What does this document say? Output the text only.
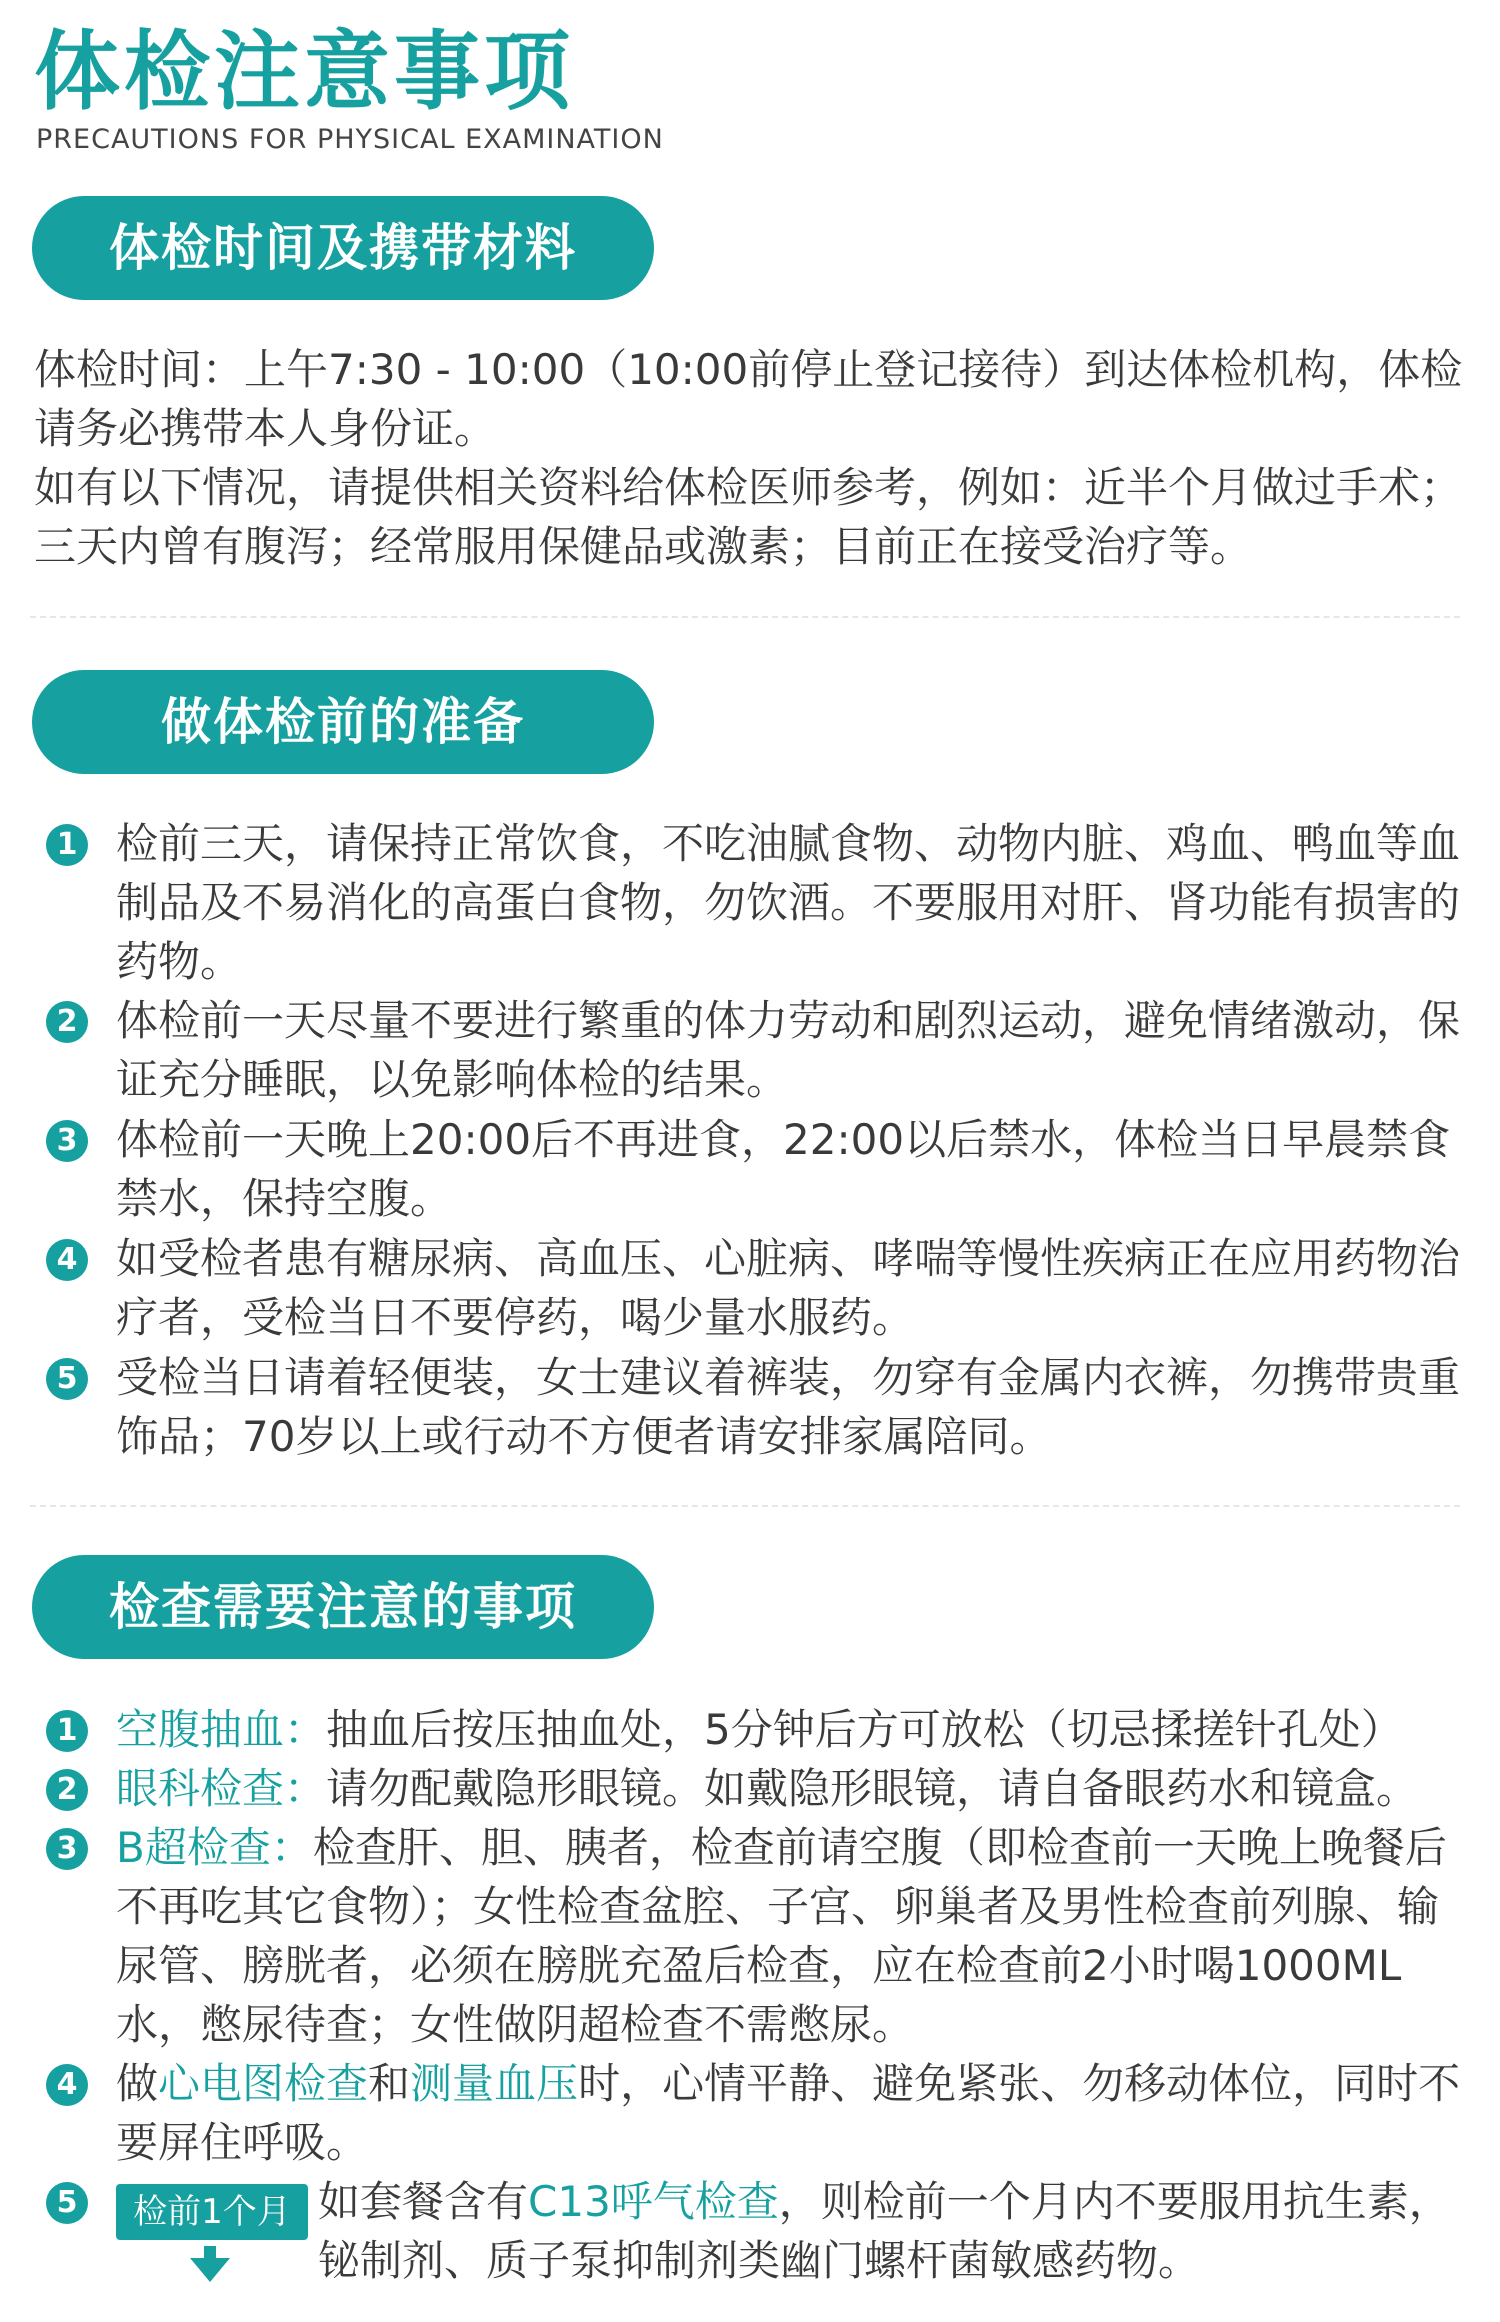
体检注意事项

PRECAUTIONS FOR PHYSICAL EXAMINATION

体检时间及携带材料

体检时间：上午7:30 - 10:00（10:00前停止登记接待）到达体检机构，体检请务必携带本人身份证。

如有以下情况，请提供相关资料给体检医师参考，例如：近半个月做过手术；三天内曾有腹泻；经常服用保健品或激素；目前正在接受治疗等。

做体检前的准备
1 检前三天，请保持正常饮食，不吃油腻食物、动物内脏、鸡血、鸭血等血制品及不易消化的高蛋白食物，勿饮酒。不要服用对肝、肾功能有损害的药物。

2 体检前一天尽量不要进行繁重的体力劳动和剧烈运动，避免情绪激动，保证充分睡眠，以免影响体检的结果。

3 体检前一天晚上20:00后不再进食，22:00以后禁水，体检当日早晨禁食禁水，保持空腹。

4 如受检者患有糖尿病、高血压、心脏病、哮喘等慢性疾病正在应用药物治疗者，受检当日不要停药，喝少量水服药。

5 受检当日请着轻便装，女士建议着裤装，勿穿有金属内衣裤，勿携带贵重饰品；70岁以上或行动不方便者请安排家属陪同。

检查需要注意的事项
1 空腹抽血：抽血后按压抽血处，5分钟后方可放松（切忌揉搓针孔处）

2 眼科检查：请勿配戴隐形眼镜。如戴隐形眼镜，请自备眼药水和镜盒。

3 B超检查：检查肝、胆、胰者，检查前请空腹（即检查前一天晚上晚餐后不再吃其它食物）；女性检查盆腔、子宫、卵巢者及男性检查前列腺、输尿管、膀胱者，必须在膀胱充盈后检查，应在检查前2小时喝1000ML水，憋尿待查；女性做阴超检查不需憋尿。

4 做心电图检查和测量血压时，心情平静、避免紧张、勿移动体位，同时不要屏住呼吸。

5	检前1个月 如套餐含有C13呼气检查，则检前一个月内不要服用抗生素，铋制剂、质子泵抑制剂类幽门螺杆菌敏感药物。
